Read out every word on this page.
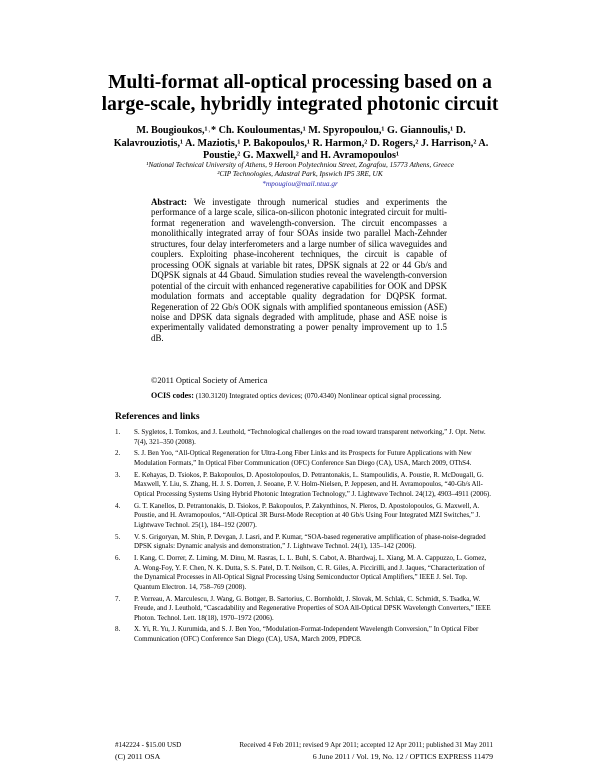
Multi-format all-optical processing based on a
large-scale, hybridly integrated photonic circuit
M. Bougioukos,¹˒* Ch. Kouloumentas,¹ M. Spyropoulou,¹ G. Giannoulis,¹ D.
Kalavrouziotis,¹ A. Maziotis,¹ P. Bakopoulos,¹ R. Harmon,² D. Rogers,² J. Harrison,² A.
Poustie,² G. Maxwell,² and H. Avramopoulos¹
¹National Technical University of Athens, 9 Heroon Polytechniou Street, Zografou, 15773 Athens, Greece
²CIP Technologies, Adastral Park, Ipswich IP5 3RE, UK
*mpougiou@mail.ntua.gr
Abstract: We investigate through numerical studies and experiments the performance of a large scale, silica-on-silicon photonic integrated circuit for multi-format regeneration and wavelength-conversion. The circuit encompasses a monolithically integrated array of four SOAs inside two parallel Mach-Zehnder structures, four delay interferometers and a large number of silica waveguides and couplers. Exploiting phase-incoherent techniques, the circuit is capable of processing OOK signals at variable bit rates, DPSK signals at 22 or 44 Gb/s and DQPSK signals at 44 Gbaud. Simulation studies reveal the wavelength-conversion potential of the circuit with enhanced regenerative capabilities for OOK and DPSK modulation formats and acceptable quality degradation for DQPSK format. Regeneration of 22 Gb/s OOK signals with amplified spontaneous emission (ASE) noise and DPSK data signals degraded with amplitude, phase and ASE noise is experimentally validated demonstrating a power penalty improvement up to 1.5 dB.
©2011 Optical Society of America
OCIS codes: (130.3120) Integrated optics devices; (070.4340) Nonlinear optical signal processing.
References and links
1. S. Sygletos, I. Tomkos, and J. Leuthold, “Technological challenges on the road toward transparent networking,” J. Opt. Netw. 7(4), 321–350 (2008).
2. S. J. Ben Yoo, “All-Optical Regeneration for Ultra-Long Fiber Links and its Prospects for Future Applications with New Modulation Formats,” In Optical Fiber Communication (OFC) Conference San Diego (CA), USA, March 2009, OThS4.
3. E. Kehayas, D. Tsiokos, P. Bakopoulos, D. Apostolopoulos, D. Petrantonakis, L. Stampoulidis, A. Poustie, R. McDougall, G. Maxwell, Y. Liu, S. Zhang, H. J. S. Dorren, J. Seoane, P. V. Holm-Nielsen, P. Jeppesen, and H. Avramopoulos, “40-Gb/s All-Optical Processing Systems Using Hybrid Photonic Integration Technology,” J. Lightwave Technol. 24(12), 4903–4911 (2006).
4. G. T. Kanellos, D. Petrantonakis, D. Tsiokos, P. Bakopoulos, P. Zakynthinos, N. Pleros, D. Apostolopoulos, G. Maxwell, A. Poustie, and H. Avramopoulos, “All-Optical 3R Burst-Mode Reception at 40 Gb/s Using Four Integrated MZI Switches,” J. Lightwave Technol. 25(1), 184–192 (2007).
5. V. S. Grigoryan, M. Shin, P. Devgan, J. Lasri, and P. Kumar, “SOA-based regenerative amplification of phase-noise-degraded DPSK signals: Dynamic analysis and demonstration,” J. Lightwave Technol. 24(1), 135–142 (2006).
6. I. Kang, C. Dorrer, Z. Liming, M. Dinu, M. Rasras, L. L. Buhl, S. Cabot, A. Bhardwaj, L. Xiang, M. A. Cappuzzo, L. Gomez, A. Wong-Foy, Y. F. Chen, N. K. Dutta, S. S. Patel, D. T. Neilson, C. R. Giles, A. Piccirilli, and J. Jaques, “Characterization of the Dynamical Processes in All-Optical Signal Processing Using Semiconductor Optical Amplifiers,” IEEE J. Sel. Top. Quantum Electron. 14, 758–769 (2008).
7. P. Vorreau, A. Marculescu, J. Wang, G. Bottger, B. Sartorius, C. Bornholdt, J. Slovak, M. Schlak, C. Schmidt, S. Tsadka, W. Freude, and J. Leuthold, “Cascadability and Regenerative Properties of SOA All-Optical DPSK Wavelength Converters,” IEEE Photon. Technol. Lett. 18(18), 1970–1972 (2006).
8. X. Yi, R. Yu, J. Kurumida, and S. J. Ben Yoo, “Modulation-Format-Independent Wavelength Conversion,” In Optical Fiber Communication (OFC) Conference San Diego (CA), USA, March 2009, PDPC8.
#142224 - $15.00 USD	Received 4 Feb 2011; revised 9 Apr 2011; accepted 12 Apr 2011; published 31 May 2011
(C) 2011 OSA	6 June 2011 / Vol. 19, No. 12 / OPTICS EXPRESS 11479
